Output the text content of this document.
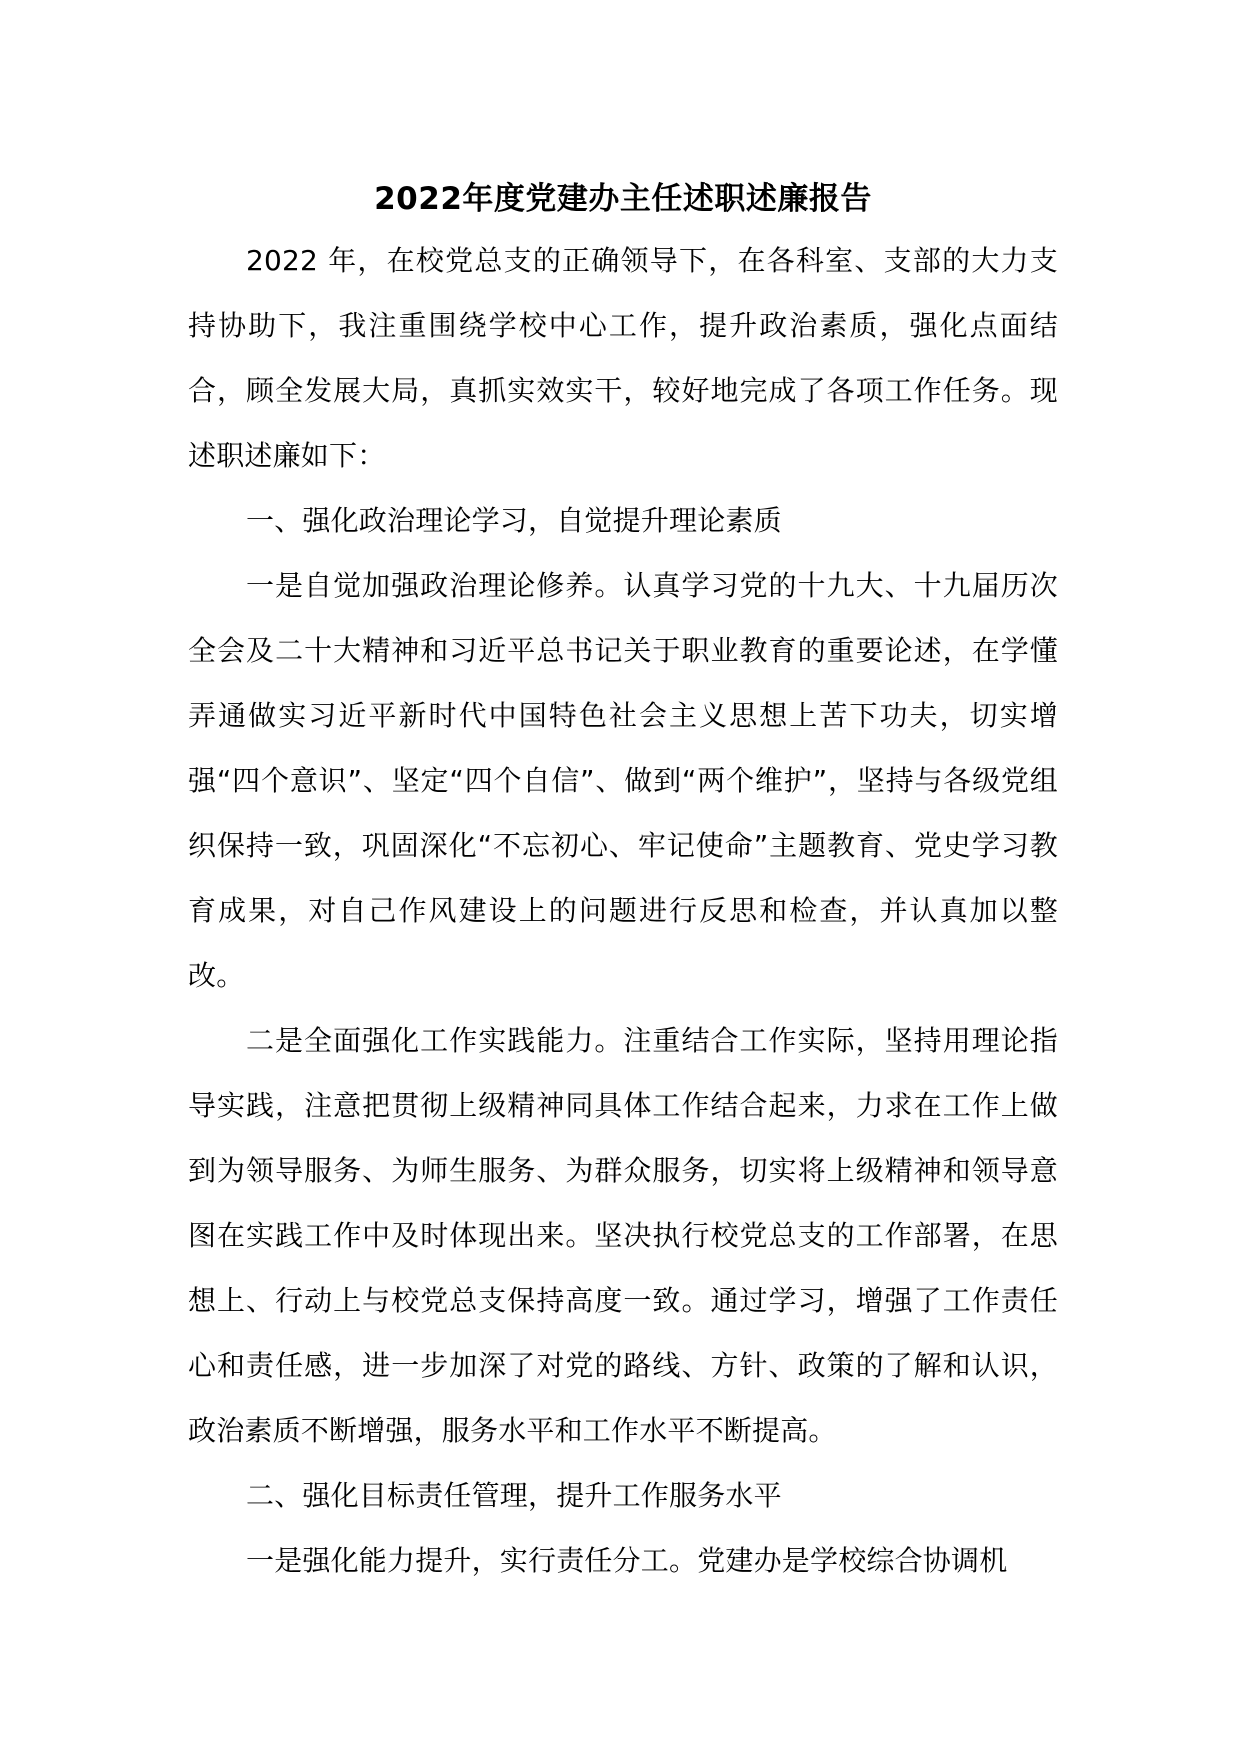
2022年度党建办主任述职述廉报告

2022 年，在校党总支的正确领导下，在各科室、支部的大力支持协助下，我注重围绕学校中心工作，提升政治素质，强化点面结合，顾全发展大局，真抓实效实干，较好地完成了各项工作任务。现述职述廉如下：

一、强化政治理论学习，自觉提升理论素质

一是自觉加强政治理论修养。认真学习党的十九大、十九届历次全会及二十大精神和习近平总书记关于职业教育的重要论述，在学懂弄通做实习近平新时代中国特色社会主义思想上苦下功夫，切实增强“四个意识”、坚定“四个自信”、做到“两个维护”，坚持与各级党组织保持一致，巩固深化“不忘初心、牢记使命”主题教育、党史学习教育成果，对自己作风建设上的问题进行反思和检查，并认真加以整改。

二是全面强化工作实践能力。注重结合工作实际，坚持用理论指导实践，注意把贯彻上级精神同具体工作结合起来，力求在工作上做到为领导服务、为师生服务、为群众服务，切实将上级精神和领导意图在实践工作中及时体现出来。坚决执行校党总支的工作部署，在思想上、行动上与校党总支保持高度一致。通过学习，增强了工作责任心和责任感，进一步加深了对党的路线、方针、政策的了解和认识，政治素质不断增强，服务水平和工作水平不断提高。

二、强化目标责任管理，提升工作服务水平

一是强化能力提升，实行责任分工。党建办是学校综合协调机
